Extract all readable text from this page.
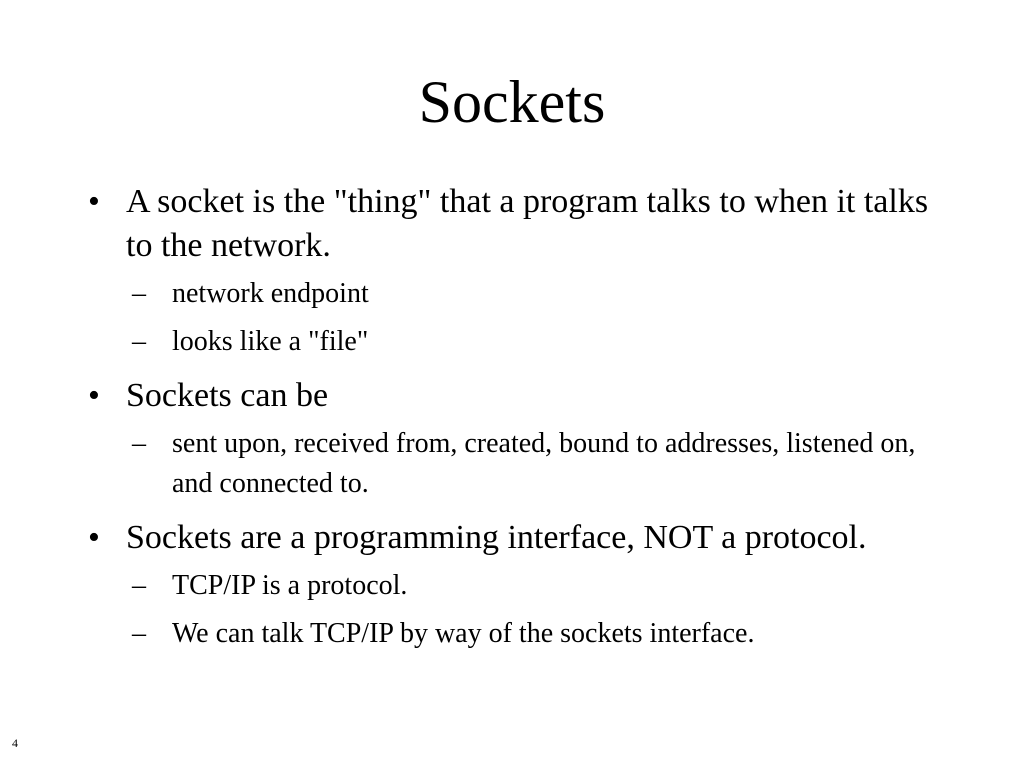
Sockets
• A socket is the "thing" that a program talks to when it talks to the network.
– network endpoint
– looks like a "file"
• Sockets can be
– sent upon, received from, created, bound to addresses, listened on, and connected to.
• Sockets are a programming interface, NOT a protocol.
– TCP/IP is a protocol.
– We can talk TCP/IP by way of the sockets interface.
4
